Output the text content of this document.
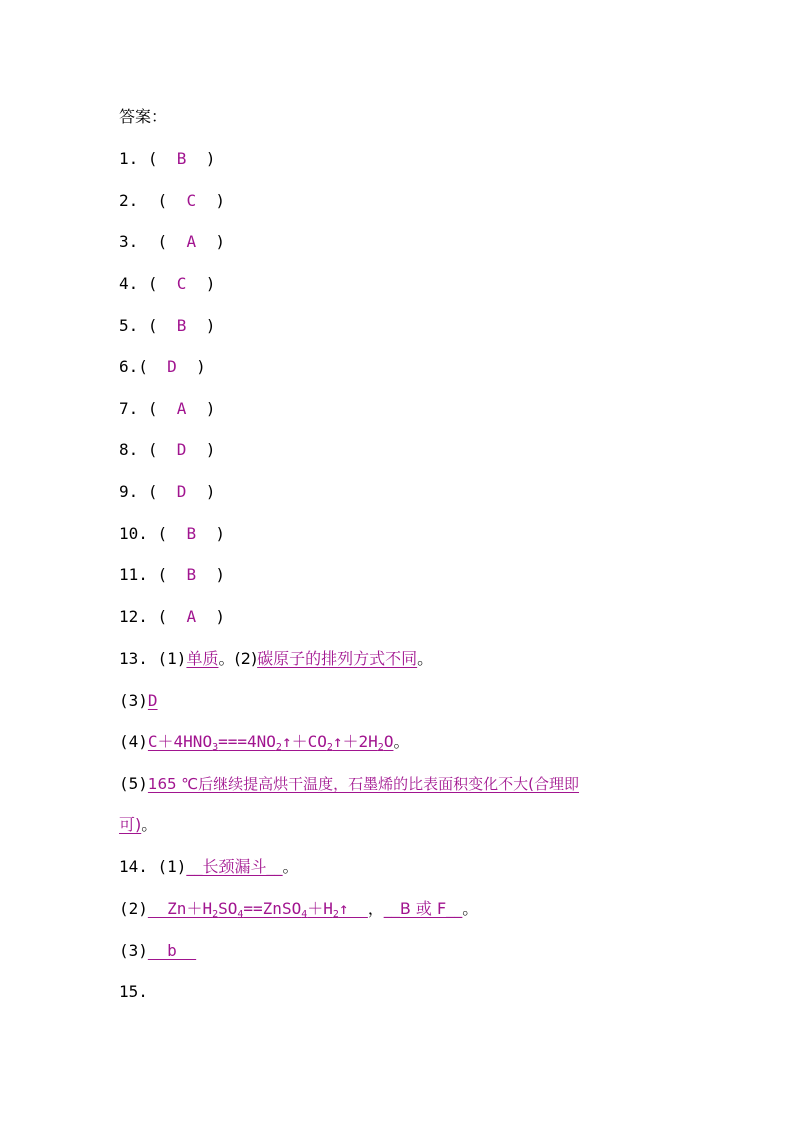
答案：
1. (  B  )
2.  (  C  )
3.  (  A  )
4. (  C  )
5. (  B  )
6.(  D  )
7. (  A  )
8. (  D  )
9. (  D  )
10. (  B  )
11. (  B  )
12. (  A  )
13. (1)单质。(2)碳原子的排列方式不同。
(3)D
$(4)C+4HNO_3===4NO_2↑+CO_2↑+2H_2O$。
(5)165 ℃后继续提高烘干温度，石墨烯的比表面积变化不大(合理即
可)。
14. (1)__长颈漏斗__。
$(2)\_\_Zn+H_2SO_4==ZnSO_4+H_2↑\_\_$，__B 或 F__。
(3)__b__
15.
